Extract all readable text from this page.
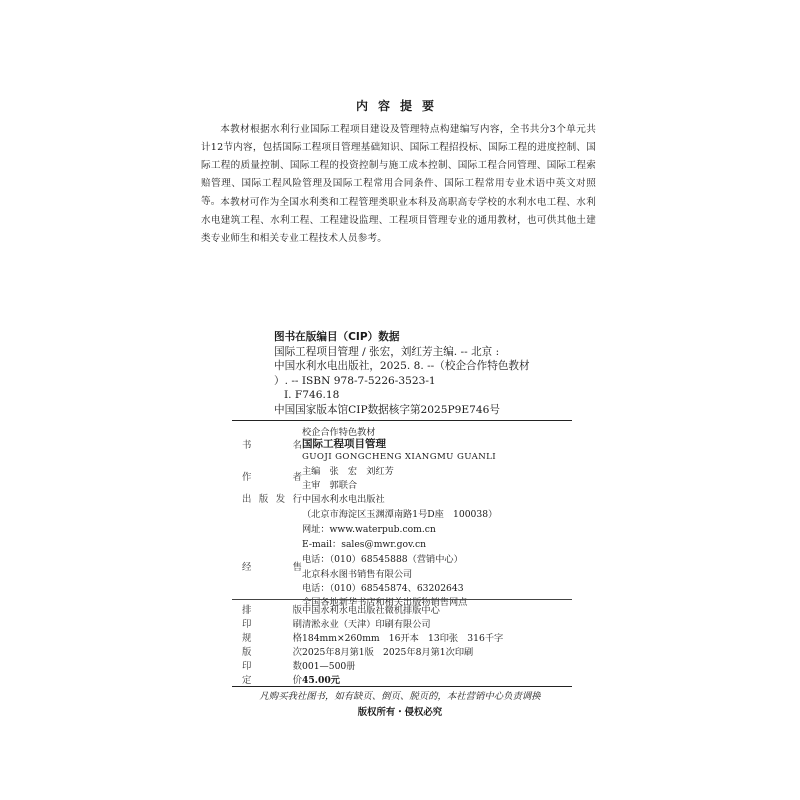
内容提要

本教材根据水利行业国际工程项目建设及管理特点构建编写内容，全书共分3个单元共计12节内容，包括国际工程项目管理基础知识、国际工程招投标、国际工程的进度控制、国际工程的质量控制、国际工程的投资控制与施工成本控制、国际工程合同管理、国际工程索赔管理、国际工程风险管理及国际工程常用合同条件、国际工程常用专业术语中英文对照等。 本教材可作为全国水利类和工程管理类职业本科及高职高专学校的水利水电工程、水利水电建筑工程、水利工程、工程建设监理、工程项目管理专业的通用教材，也可供其他土建类专业师生和相关专业工程技术人员参考。

图书在版编目（CIP）数据
国际工程项目管理 / 张宏，刘红芳主编. -- 北京 :
中国水利水电出版社，2025. 8. --（校企合作特色教材
）. -- ISBN 978-7-5226-3523-1
Ⅰ. F746.18
中国国家版本馆CIP数据核字第2025P9E746号
校企合作特色教材
书	名 国际工程项目管理
GUOJI GONGCHENG XIANGMU GUANLI
作	者
主编　张　宏　刘红芳
主审　郭联合
出 版 发 行 中国水利水电出版社
（北京市海淀区玉渊潭南路1号D座　100038）
网址：www.waterpub.com.cn
E-mail：sales@mwr.gov.cn
电话：（010）68545888（营销中心）
经	售
北京科水图书销售有限公司
电话：（010）68545874、63202643
全国各地新华书店和相关出版物销售网点
排	版 中国水利水电出版社微机排版中心
印	刷 清淞永业（天津）印刷有限公司
规	格 184mm×260mm　16开本　13印张　316千字
版	次 2025年8月第1版　2025年8月第1次印刷
印	数 001—500册
定	价 45.00元
凡购买我社图书，如有缺页、倒页、脱页的，本社营销中心负责调换
版权所有・侵权必究
